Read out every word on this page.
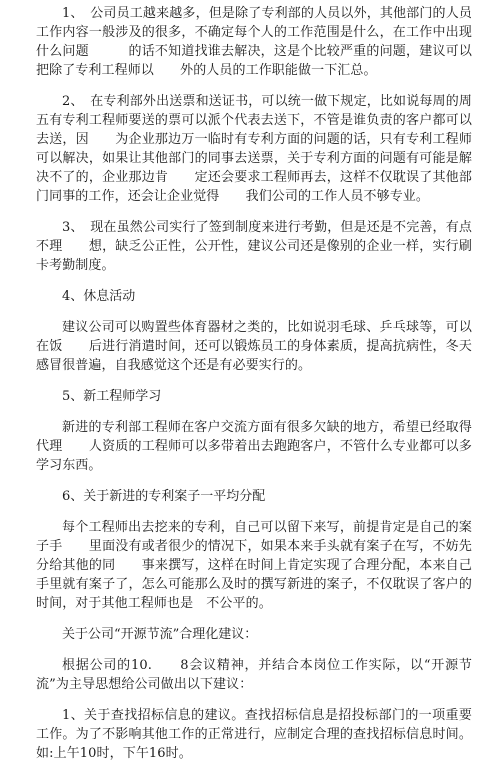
1、　公司员工越来越多，但是除了专利部的人员以外，其他部门的人员工作内容一般涉及的很多，不确定每个人的工作范围是什么，在工作中出现什么问题　　　的话不知道找谁去解决，这是个比较严重的问题，建议可以把除了专利工程师以　　外的人员的工作职能做一下汇总。

2、　在专利部外出送票和送证书，可以统一做下规定，比如说每周的周五有专利工程师要送的票可以派个代表去送下，不管是谁负责的客户都可以去送，因　　为企业那边万一临时有专利方面的问题的话，只有专利工程师可以解决，如果让其他部门的同事去送票，关于专利方面的问题有可能是解决不了的，企业那边肯　　定还会要求工程师再去，这样不仅耽误了其他部门同事的工作，还会让企业觉得　　我们公司的工作人员不够专业。

3、　现在虽然公司实行了签到制度来进行考勤，但是还是不完善，有点不理　　想，缺乏公正性，公开性，建议公司还是像别的企业一样，实行刷卡考勤制度。

4、休息活动

建议公司可以购置些体育器材之类的，比如说羽毛球、乒乓球等，可以在饭　　后进行消遣时间，还可以锻炼员工的身体素质，提高抗病性，冬天感冒很普遍，自我感觉这个还是有必要实行的。

5、新工程师学习

新进的专利部工程师在客户交流方面有很多欠缺的地方，希望已经取得代理　　人资质的工程师可以多带着出去跑跑客户，不管什么专业都可以多学习东西。

6、关于新进的专利案子一平均分配

每个工程师出去挖来的专利，自己可以留下来写，前提肯定是自己的案子手　　里面没有或者很少的情况下，如果本来手头就有案子在写，不妨先分给其他的同　　事来撰写，这样在时间上肯定实现了合理分配，本来自己手里就有案子了，怎么可能那么及时的撰写新进的案子，不仅耽误了客户的时间，对于其他工程师也是　不公平的。

关于公司“开源节流”合理化建议：

根据公司的10.　　8会议精神，并结合本岗位工作实际，以“开源节流”为主导思想给公司做出以下建议：

1、关于查找招标信息的建议。查找招标信息是招投标部门的一项重要工作。为了不影响其他工作的正常进行，应制定合理的查找招标信息时间。如:上午10时，下午16时。
